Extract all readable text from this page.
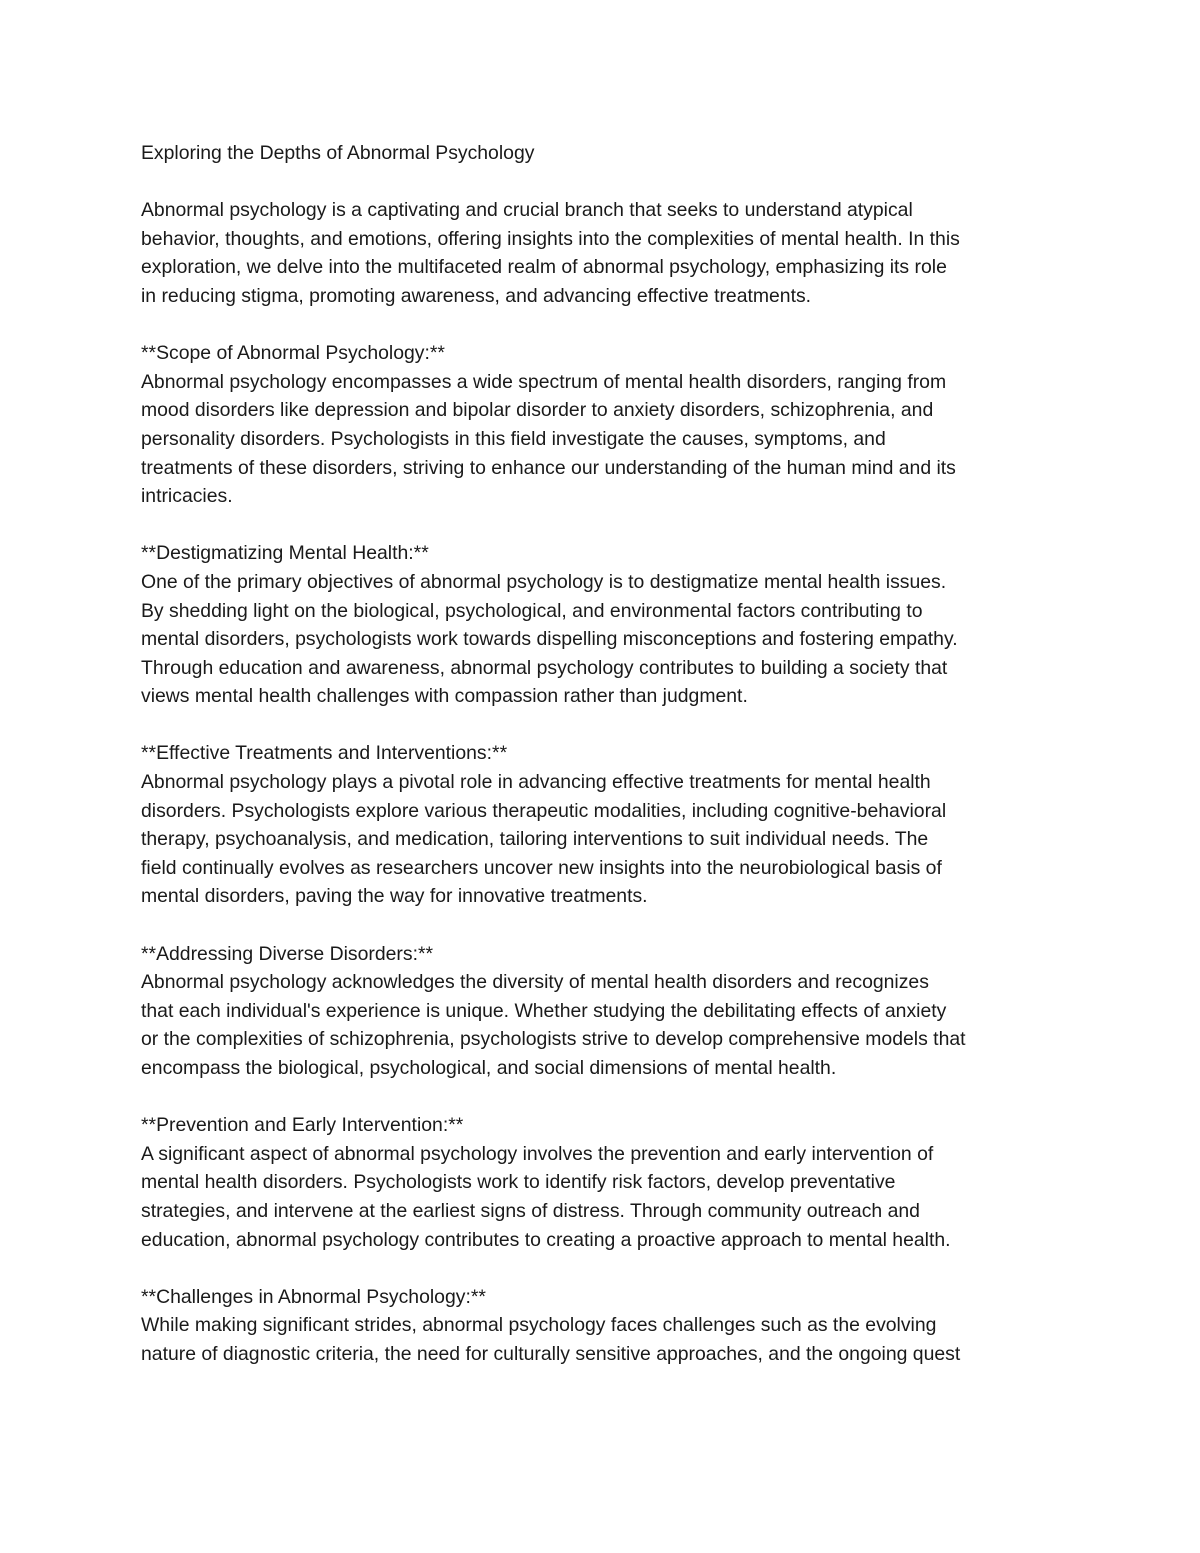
Exploring the Depths of Abnormal Psychology
Abnormal psychology is a captivating and crucial branch that seeks to understand atypical
behavior, thoughts, and emotions, offering insights into the complexities of mental health. In this
exploration, we delve into the multifaceted realm of abnormal psychology, emphasizing its role
in reducing stigma, promoting awareness, and advancing effective treatments.
**Scope of Abnormal Psychology:**
Abnormal psychology encompasses a wide spectrum of mental health disorders, ranging from
mood disorders like depression and bipolar disorder to anxiety disorders, schizophrenia, and
personality disorders. Psychologists in this field investigate the causes, symptoms, and
treatments of these disorders, striving to enhance our understanding of the human mind and its
intricacies.
**Destigmatizing Mental Health:**
One of the primary objectives of abnormal psychology is to destigmatize mental health issues.
By shedding light on the biological, psychological, and environmental factors contributing to
mental disorders, psychologists work towards dispelling misconceptions and fostering empathy.
Through education and awareness, abnormal psychology contributes to building a society that
views mental health challenges with compassion rather than judgment.
**Effective Treatments and Interventions:**
Abnormal psychology plays a pivotal role in advancing effective treatments for mental health
disorders. Psychologists explore various therapeutic modalities, including cognitive-behavioral
therapy, psychoanalysis, and medication, tailoring interventions to suit individual needs. The
field continually evolves as researchers uncover new insights into the neurobiological basis of
mental disorders, paving the way for innovative treatments.
**Addressing Diverse Disorders:**
Abnormal psychology acknowledges the diversity of mental health disorders and recognizes
that each individual's experience is unique. Whether studying the debilitating effects of anxiety
or the complexities of schizophrenia, psychologists strive to develop comprehensive models that
encompass the biological, psychological, and social dimensions of mental health.
**Prevention and Early Intervention:**
A significant aspect of abnormal psychology involves the prevention and early intervention of
mental health disorders. Psychologists work to identify risk factors, develop preventative
strategies, and intervene at the earliest signs of distress. Through community outreach and
education, abnormal psychology contributes to creating a proactive approach to mental health.
**Challenges in Abnormal Psychology:**
While making significant strides, abnormal psychology faces challenges such as the evolving
nature of diagnostic criteria, the need for culturally sensitive approaches, and the ongoing quest
